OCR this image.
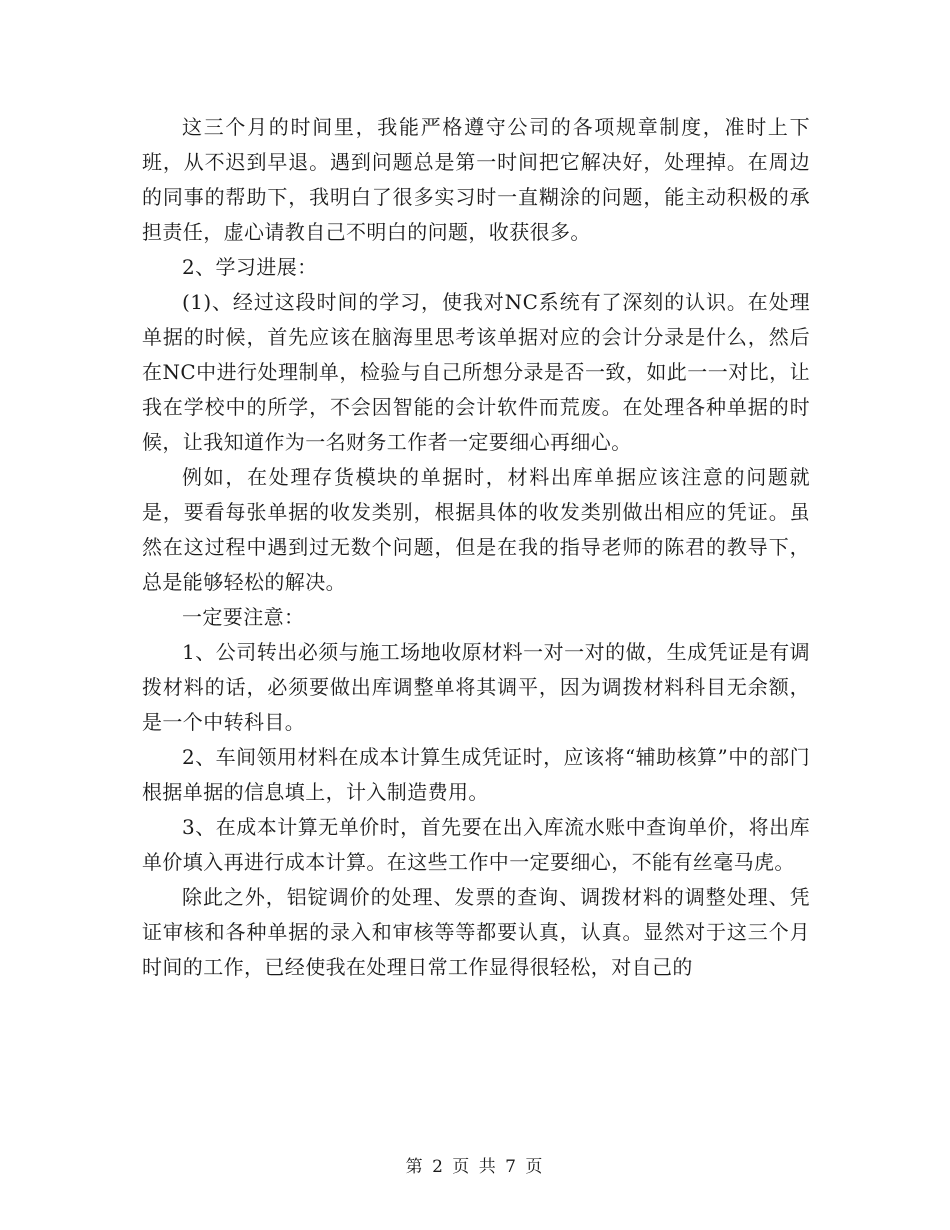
这三个月的时间里，我能严格遵守公司的各项规章制度，准时上下班，从不迟到早退。遇到问题总是第一时间把它解决好，处理掉。在周边的同事的帮助下，我明白了很多实习时一直糊涂的问题，能主动积极的承担责任，虚心请教自己不明白的问题，收获很多。

2、学习进展：

(1)、经过这段时间的学习，使我对NC系统有了深刻的认识。在处理单据的时候，首先应该在脑海里思考该单据对应的会计分录是什么，然后在NC中进行处理制单，检验与自己所想分录是否一致，如此一一对比，让我在学校中的所学，不会因智能的会计软件而荒废。在处理各种单据的时候，让我知道作为一名财务工作者一定要细心再细心。

例如，在处理存货模块的单据时，材料出库单据应该注意的问题就是，要看每张单据的收发类别，根据具体的收发类别做出相应的凭证。虽然在这过程中遇到过无数个问题，但是在我的指导老师的陈君的教导下，总是能够轻松的解决。

一定要注意：

1、公司转出必须与施工场地收原材料一对一对的做，生成凭证是有调拨材料的话，必须要做出库调整单将其调平，因为调拨材料科目无余额，是一个中转科目。

2、车间领用材料在成本计算生成凭证时，应该将“辅助核算”中的部门根据单据的信息填上，计入制造费用。

3、在成本计算无单价时，首先要在出入库流水账中查询单价，将出库单价填入再进行成本计算。在这些工作中一定要细心，不能有丝毫马虎。

除此之外，铝锭调价的处理、发票的查询、调拨材料的调整处理、凭证审核和各种单据的录入和审核等等都要认真，认真。显然对于这三个月时间的工作，已经使我在处理日常工作显得很轻松，对自己的

第 2 页 共 7 页
